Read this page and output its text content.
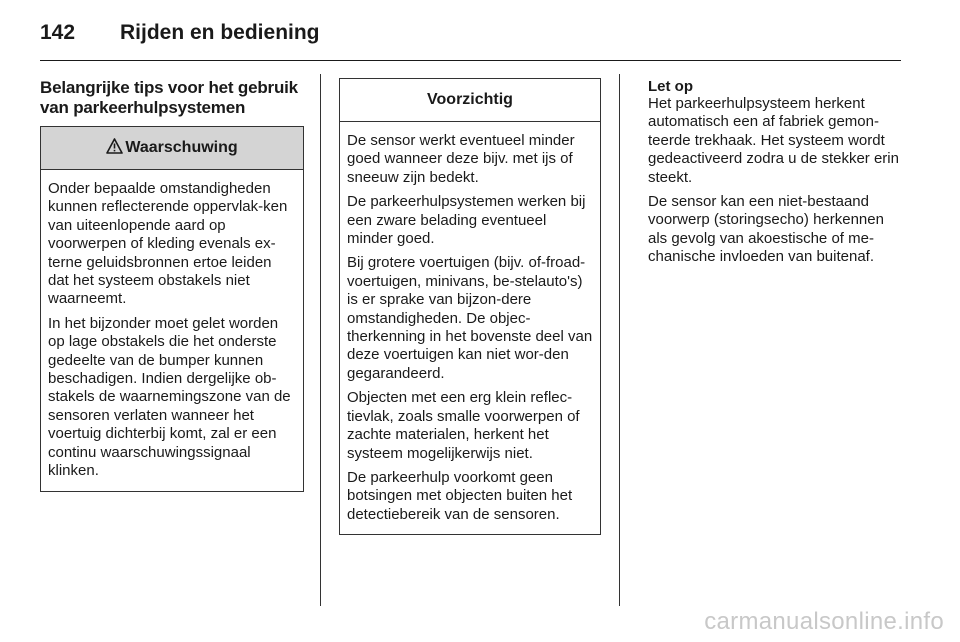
142	Rijden en bediening
Belangrijke tips voor het gebruik van parkeerhulpsystemen
Waarschuwing

Onder bepaalde omstandigheden kunnen reflecterende oppervlak-ken van uiteenlopende aard op voorwerpen of kleding evenals ex-terne geluidsbronnen ertoe leiden dat het systeem obstakels niet waarneemt.

In het bijzonder moet gelet worden op lage obstakels die het onderste gedeelte van de bumper kunnen beschadigen. Indien dergelijke ob-stakels de waarnemingszone van de sensoren verlaten wanneer het voertuig dichterbij komt, zal er een continu waarschuwingssignaal klinken.

Voorzichtig

De sensor werkt eventueel minder goed wanneer deze bijv. met ijs of sneeuw zijn bedekt.

De parkeerhulpsystemen werken bij een zware belading eventueel minder goed.

Bij grotere voertuigen (bijv. of-froad-voertuigen, minivans, be-stelauto's) is er sprake van bijzon-dere omstandigheden. De objec-therkenning in het bovenste deel van deze voertuigen kan niet wor-den gegarandeerd.

Objecten met een erg klein reflec-tievlak, zoals smalle voorwerpen of zachte materialen, herkent het systeem mogelijkerwijs niet.

De parkeerhulp voorkomt geen botsingen met objecten buiten het detectiebereik van de sensoren.

Let op

Het parkeerhulpsysteem herkent automatisch een af fabriek gemon-teerde trekhaak. Het systeem wordt gedeactiveerd zodra u de stekker erin steekt.

De sensor kan een niet-bestaand voorwerp (storingsecho) herkennen als gevolg van akoestische of me-chanische invloeden van buitenaf.

carmanualsonline.info
